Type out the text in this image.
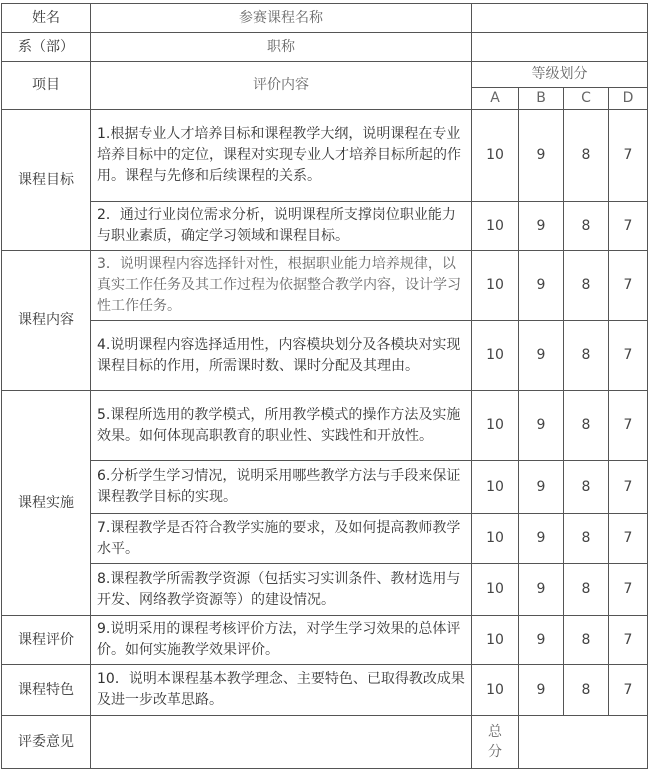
姓名	参赛课程名称				
系（部）	职称				
项目	评价内容	等级划分			
		A	B	C	D
课程目标	1.根据专业人才培养目标和课程教学大纲，说明课程在专业培养目标中的定位，课程对实现专业人才培养目标所起的作用。课程与先修和后续课程的关系。	10	9	8	7
	2．通过行业岗位需求分析，说明课程所支撑岗位职业能力与职业素质，确定学习领域和课程目标。	10	9	8	7
课程内容	3．说明课程内容选择针对性，根据职业能力培养规律，以真实工作任务及其工作过程为依据整合教学内容，设计学习性工作任务。	10	9	8	7
	4.说明课程内容选择适用性，内容模块划分及各模块对实现课程目标的作用，所需课时数、课时分配及其理由。	10	9	8	7
课程实施	5.课程所选用的教学模式，所用教学模式的操作方法及实施效果。如何体现高职教育的职业性、实践性和开放性。	10	9	8	7
	6.分析学生学习情况，说明采用哪些教学方法与手段来保证课程教学目标的实现。	10	9	8	7
	7.课程教学是否符合教学实施的要求，及如何提高教师教学水平。	10	9	8	7
	8.课程教学所需教学资源（包括实习实训条件、教材选用与开发、网络教学资源等）的建设情况。	10	9	8	7
课程评价	9.说明采用的课程考核评价方法，对学生学习效果的总体评价。如何实施教学效果评价。	10	9	8	7
课程特色	10．说明本课程基本教学理念、主要特色、已取得教改成果及进一步改革思路。	10	9	8	7
评委意见		总分			
